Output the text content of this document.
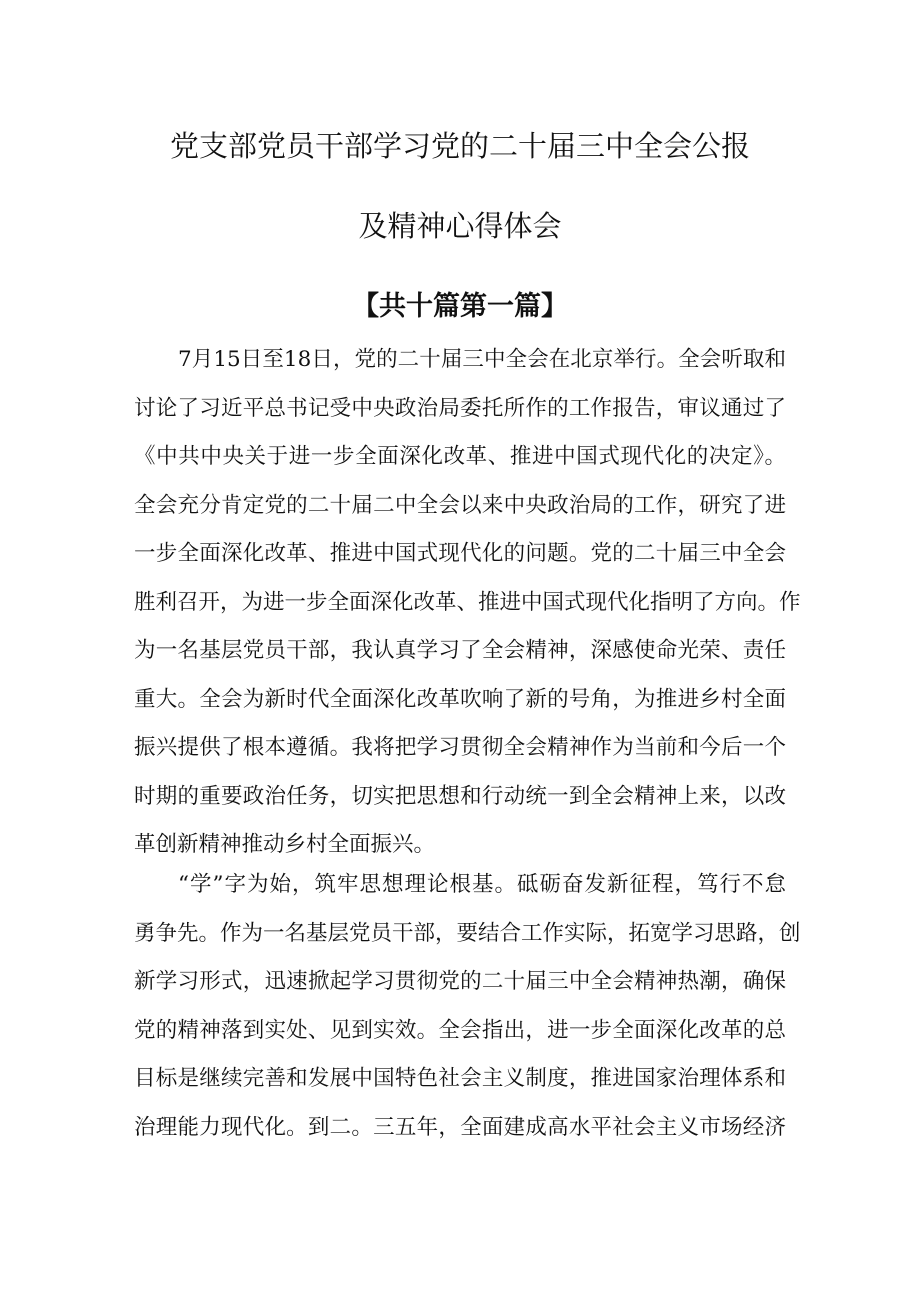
党支部党员干部学习党的二十届三中全会公报
及精神心得体会
【共十篇第一篇】
7月15日至18日，党的二十届三中全会在北京举行。全会听取和
讨论了习近平总书记受中央政治局委托所作的工作报告，审议通过了
《中共中央关于进一步全面深化改革、推进中国式现代化的决定》。
全会充分肯定党的二十届二中全会以来中央政治局的工作，研究了进
一步全面深化改革、推进中国式现代化的问题。党的二十届三中全会
胜利召开，为进一步全面深化改革、推进中国式现代化指明了方向。作
为一名基层党员干部，我认真学习了全会精神，深感使命光荣、责任
重大。全会为新时代全面深化改革吹响了新的号角，为推进乡村全面
振兴提供了根本遵循。我将把学习贯彻全会精神作为当前和今后一个
时期的重要政治任务，切实把思想和行动统一到全会精神上来，以改
革创新精神推动乡村全面振兴。
“学”字为始，筑牢思想理论根基。砥砺奋发新征程，笃行不怠
勇争先。作为一名基层党员干部，要结合工作实际，拓宽学习思路，创
新学习形式，迅速掀起学习贯彻党的二十届三中全会精神热潮，确保
党的精神落到实处、见到实效。全会指出，进一步全面深化改革的总
目标是继续完善和发展中国特色社会主义制度，推进国家治理体系和
治理能力现代化。到二。三五年，全面建成高水平社会主义市场经济
